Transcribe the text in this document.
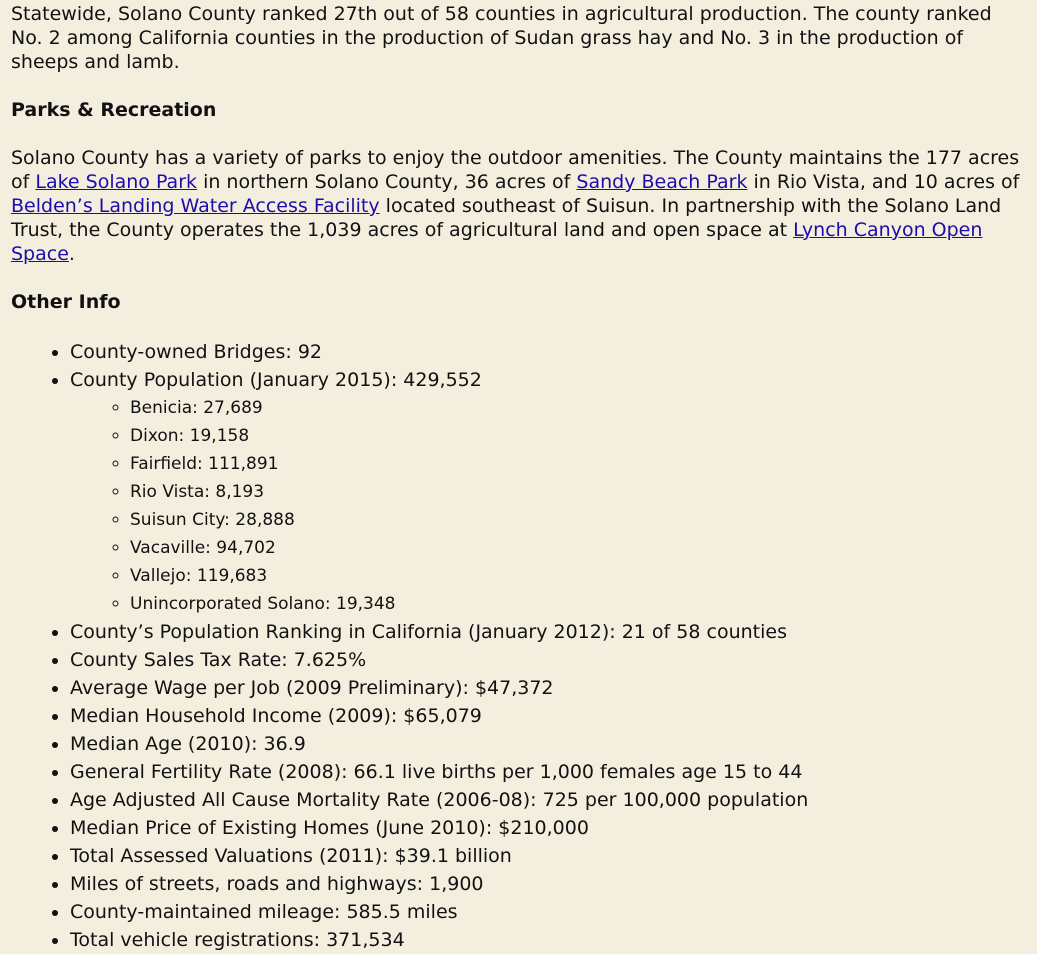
Statewide, Solano County ranked 27th out of 58 counties in agricultural production. The county ranked No. 2 among California counties in the production of Sudan grass hay and No. 3 in the production of sheeps and lamb.

Parks & Recreation

Solano County has a variety of parks to enjoy the outdoor amenities. The County maintains the 177 acres of Lake Solano Park in northern Solano County, 36 acres of Sandy Beach Park in Rio Vista, and 10 acres of Belden’s Landing Water Access Facility located southeast of Suisun. In partnership with the Solano Land Trust, the County operates the 1,039 acres of agricultural land and open space at Lynch Canyon Open Space.

Other Info
• County-owned Bridges: 92
• County Population (January 2015): 429,552
◦ Benicia: 27,689
◦ Dixon: 19,158
◦ Fairfield: 111,891
◦ Rio Vista: 8,193
◦ Suisun City: 28,888
◦ Vacaville: 94,702
◦ Vallejo: 119,683
◦ Unincorporated Solano: 19,348
• County’s Population Ranking in California (January 2012): 21 of 58 counties
• County Sales Tax Rate: 7.625%
• Average Wage per Job (2009 Preliminary): $47,372
• Median Household Income (2009): $65,079
• Median Age (2010): 36.9
• General Fertility Rate (2008): 66.1 live births per 1,000 females age 15 to 44
• Age Adjusted All Cause Mortality Rate (2006-08): 725 per 100,000 population
• Median Price of Existing Homes (June 2010): $210,000
• Total Assessed Valuations (2011): $39.1 billion
• Miles of streets, roads and highways: 1,900
• County-maintained mileage: 585.5 miles
• Total vehicle registrations: 371,534
